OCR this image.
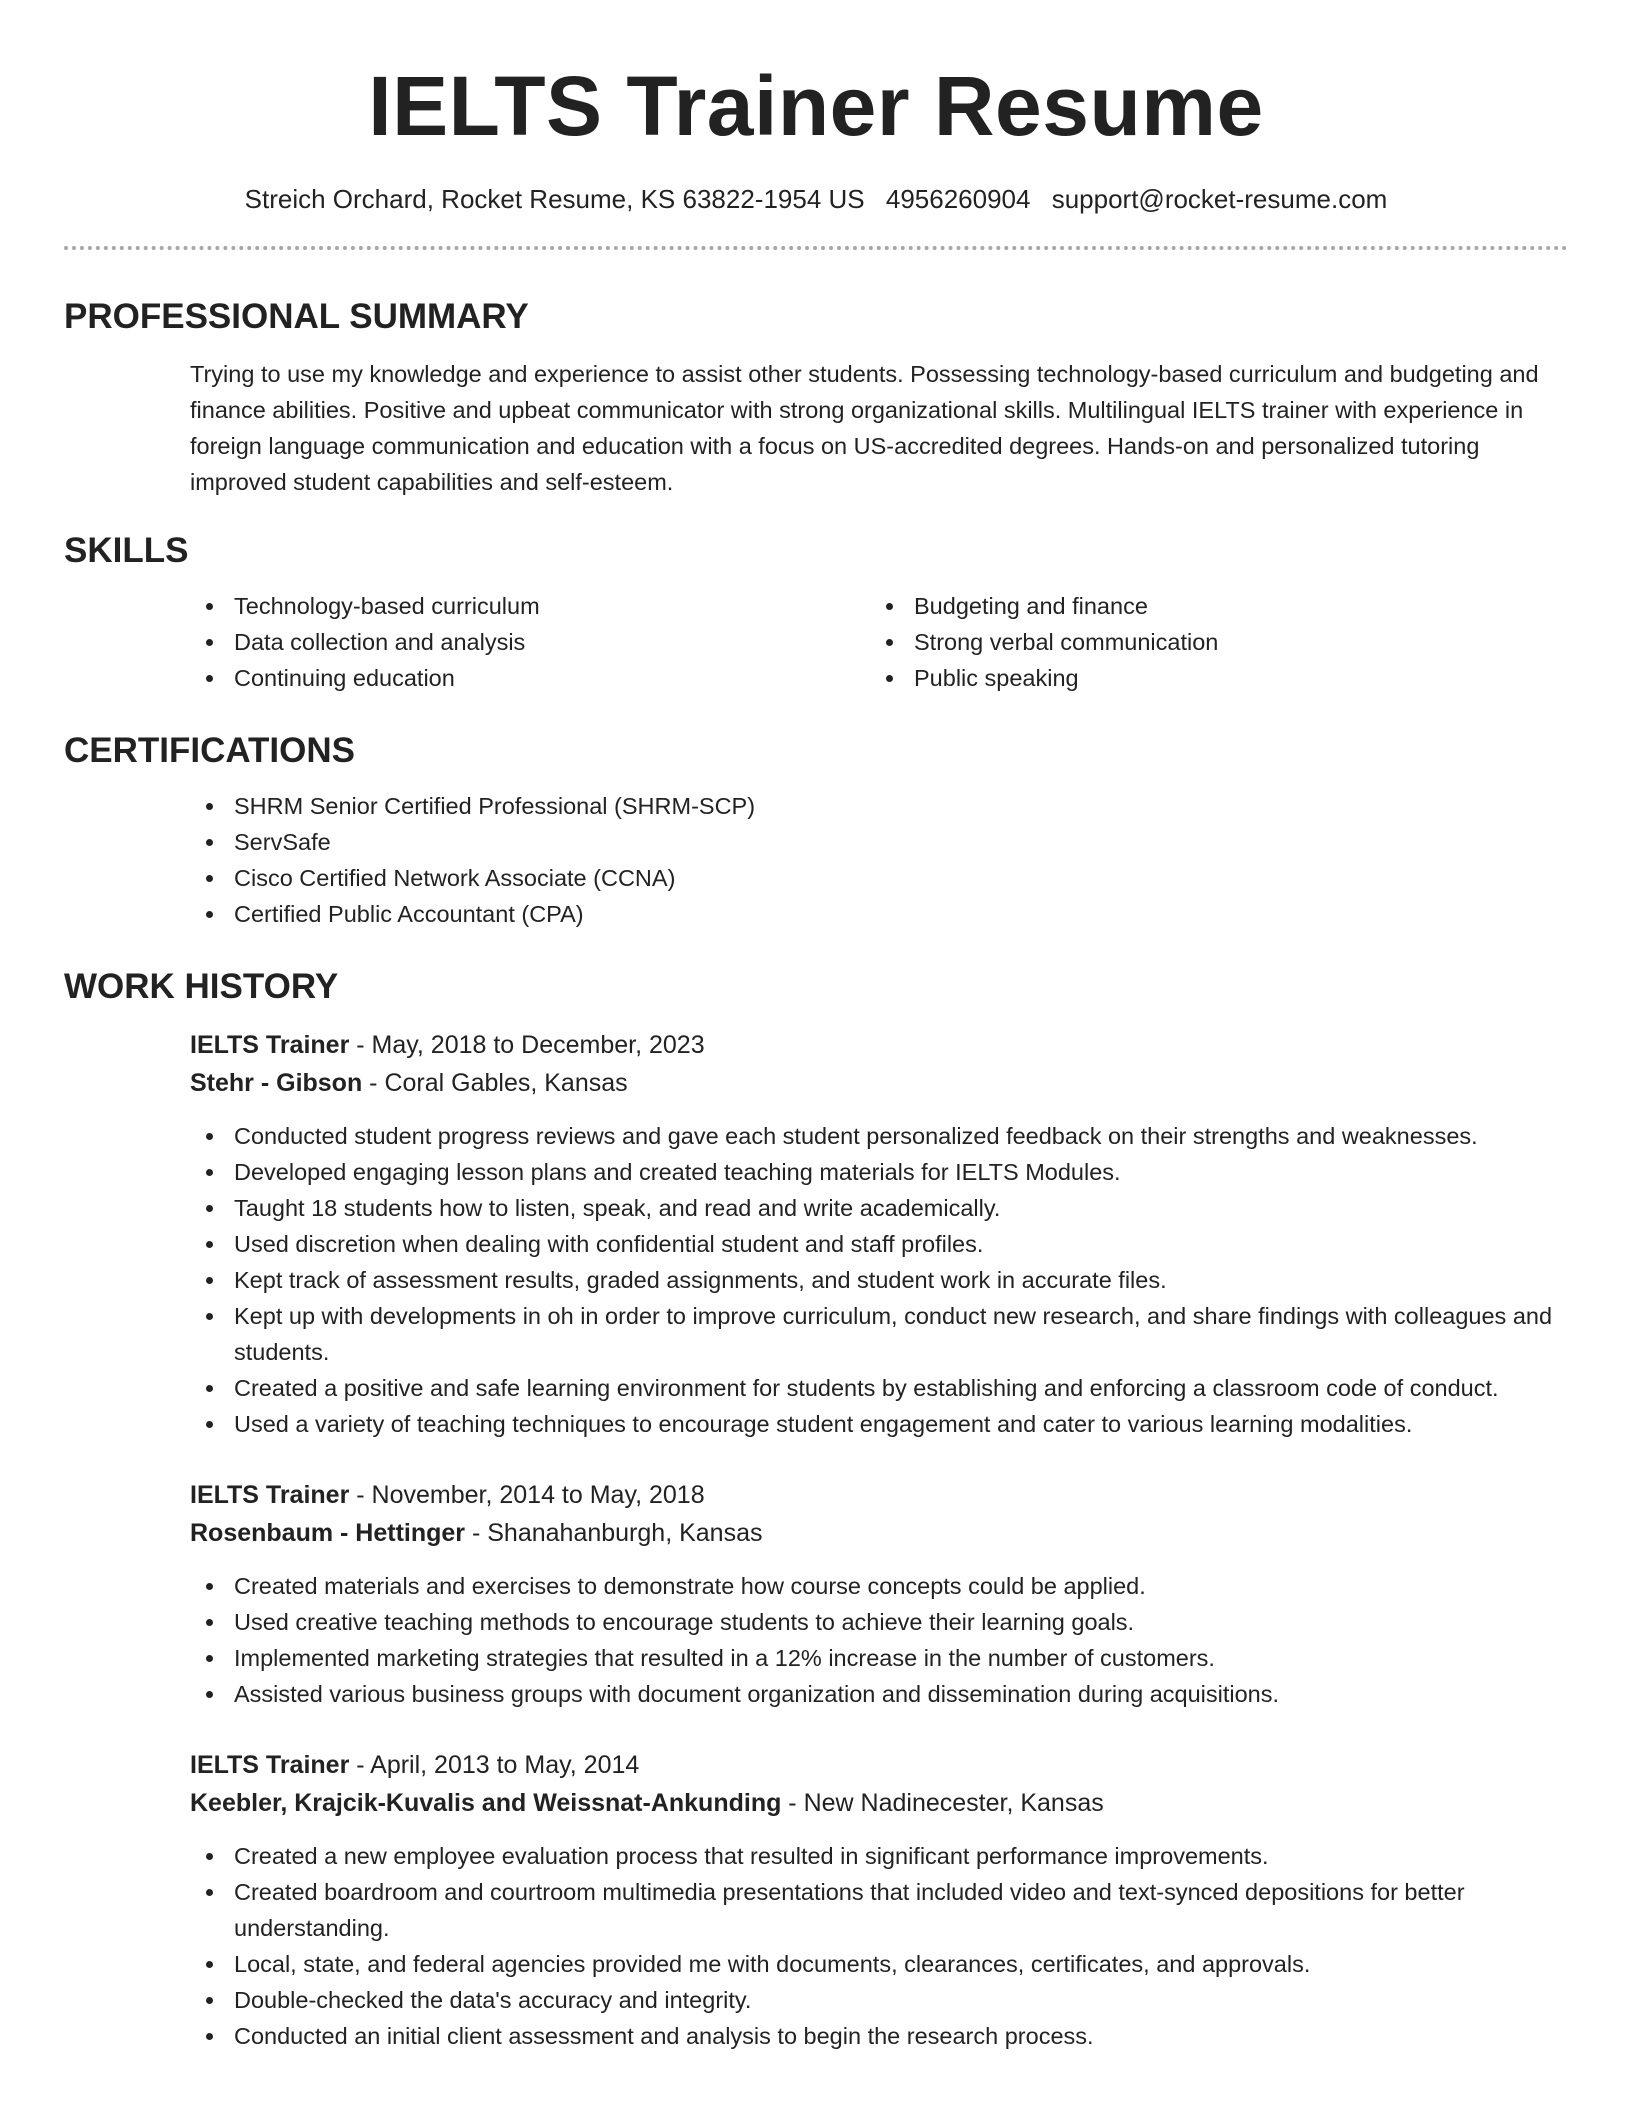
IELTS Trainer Resume
Streich Orchard, Rocket Resume, KS 63822-1954 US 4956260904 support@rocket-resume.com
PROFESSIONAL SUMMARY

Trying to use my knowledge and experience to assist other students. Possessing technology-based curriculum and budgeting and finance abilities. Positive and upbeat communicator with strong organizational skills. Multilingual IELTS trainer with experience in foreign language communication and education with a focus on US-accredited degrees. Hands-on and personalized tutoring improved student capabilities and self-esteem.

SKILLS
Technology-based curriculum
Data collection and analysis
Continuing education
Budgeting and finance
Strong verbal communication
Public speaking
CERTIFICATIONS
SHRM Senior Certified Professional (SHRM-SCP)
ServSafe
Cisco Certified Network Associate (CCNA)
Certified Public Accountant (CPA)
WORK HISTORY
IELTS Trainer - May, 2018 to December, 2023
Stehr - Gibson - Coral Gables, Kansas
Conducted student progress reviews and gave each student personalized feedback on their strengths and weaknesses.
Developed engaging lesson plans and created teaching materials for IELTS Modules.
Taught 18 students how to listen, speak, and read and write academically.
Used discretion when dealing with confidential student and staff profiles.
Kept track of assessment results, graded assignments, and student work in accurate files.
Kept up with developments in oh in order to improve curriculum, conduct new research, and share findings with colleagues and students.
Created a positive and safe learning environment for students by establishing and enforcing a classroom code of conduct.
Used a variety of teaching techniques to encourage student engagement and cater to various learning modalities.
IELTS Trainer - November, 2014 to May, 2018
Rosenbaum - Hettinger - Shanahanburgh, Kansas
Created materials and exercises to demonstrate how course concepts could be applied.
Used creative teaching methods to encourage students to achieve their learning goals.
Implemented marketing strategies that resulted in a 12% increase in the number of customers.
Assisted various business groups with document organization and dissemination during acquisitions.
IELTS Trainer - April, 2013 to May, 2014
Keebler, Krajcik-Kuvalis and Weissnat-Ankunding - New Nadinecester, Kansas
Created a new employee evaluation process that resulted in significant performance improvements.
Created boardroom and courtroom multimedia presentations that included video and text-synced depositions for better understanding.
Local, state, and federal agencies provided me with documents, clearances, certificates, and approvals.
Double-checked the data's accuracy and integrity.
Conducted an initial client assessment and analysis to begin the research process.
